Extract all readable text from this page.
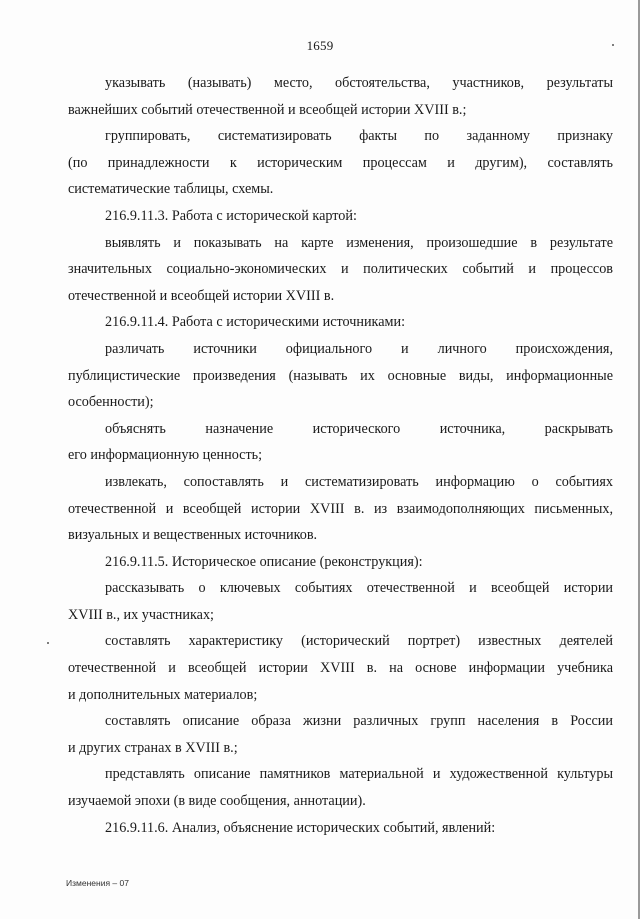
1659
указывать (называть) место, обстоятельства, участников, результаты
важнейших событий отечественной и всеобщей истории XVIII в.;
группировать, систематизировать факты по заданному признаку
(по принадлежности к историческим процессам и другим), составлять
систематические таблицы, схемы.
216.9.11.3. Работа с исторической картой:
выявлять и показывать на карте изменения, произошедшие в результате
значительных социально-экономических и политических событий и процессов
отечественной и всеобщей истории XVIII в.
216.9.11.4. Работа с историческими источниками:
различать источники официального и личного происхождения,
публицистические произведения (называть их основные виды, информационные
особенности);
объяснять назначение исторического источника, раскрывать
его информационную ценность;
извлекать, сопоставлять и систематизировать информацию о событиях
отечественной и всеобщей истории XVIII в. из взаимодополняющих письменных,
визуальных и вещественных источников.
216.9.11.5. Историческое описание (реконструкция):
рассказывать о ключевых событиях отечественной и всеобщей истории
XVIII в., их участниках;
составлять характеристику (исторический портрет) известных деятелей
отечественной и всеобщей истории XVIII в. на основе информации учебника
и дополнительных материалов;
составлять описание образа жизни различных групп населения в России
и других странах в XVIII в.;
представлять описание памятников материальной и художественной культуры
изучаемой эпохи (в виде сообщения, аннотации).
216.9.11.6. Анализ, объяснение исторических событий, явлений:
Изменения – 07
